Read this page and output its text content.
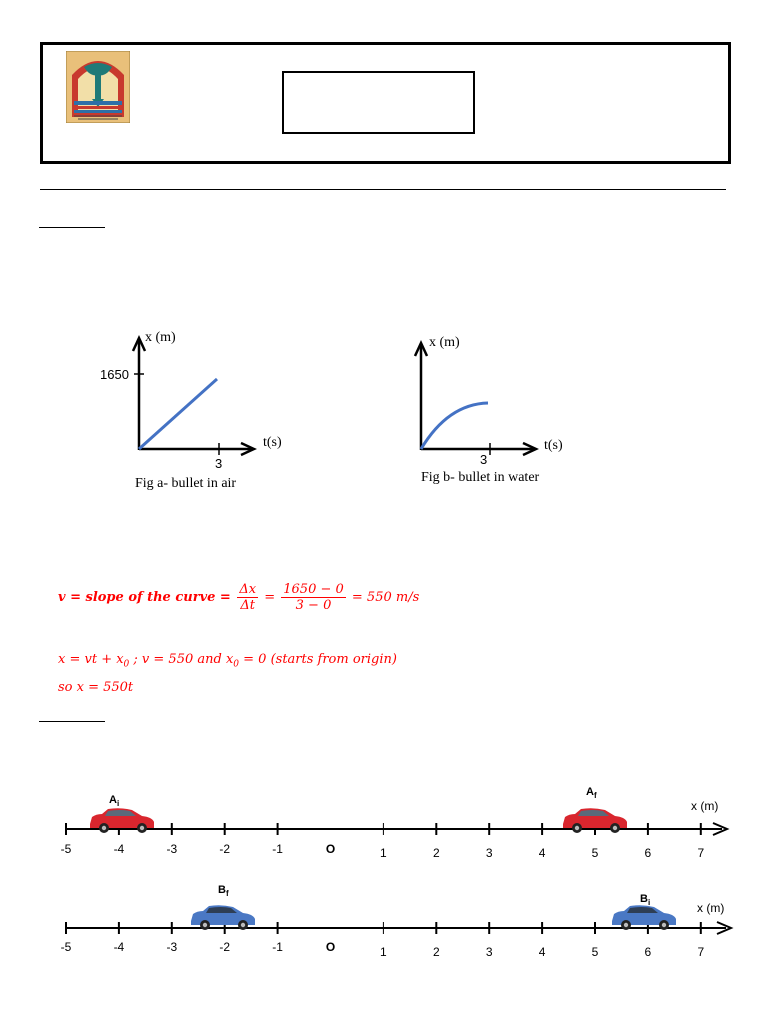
x (m)
t(s)
1650
3
Fig a- bullet in air
x (m)
t(s)
3
Fig b- bullet in water
v = slope of the curve = $\frac{\Delta x}{\Delta t} = \frac{1650 - 0}{3 - 0} = 550$ m/s
x = vt + $x_0$ ; v = 550 and $x_0 = 0$ (starts from origin)
so x = 550t
-5	-4	-3	-2	-1	O	1	2	3	4	5	6	7
x (m)
$A_i$
$A_f$
-5	-4	-3	-2	-1	O	1	2	3	4	5	6	7
x (m)
$B_f$	$B_i$
